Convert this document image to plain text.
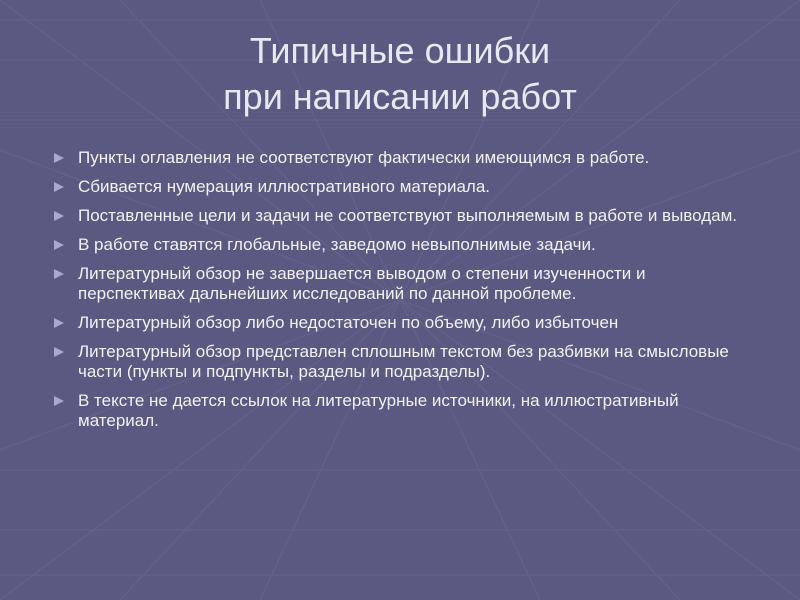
Типичные ошибки
при написании работ
Пункты оглавления не соответствуют фактически имеющимся в работе.
Сбивается нумерация иллюстративного материала.
Поставленные цели и задачи не соответствуют выполняемым в работе и выводам.
В работе ставятся глобальные, заведомо невыполнимые задачи.
Литературный обзор не завершается выводом о степени изученности и перспективах дальнейших исследований по данной проблеме.
Литературный обзор либо недостаточен по объему, либо избыточен
Литературный обзор представлен сплошным текстом без разбивки на смысловые части (пункты и подпункты, разделы и подразделы).
В тексте не дается ссылок на литературные источники, на иллюстративный материал.
